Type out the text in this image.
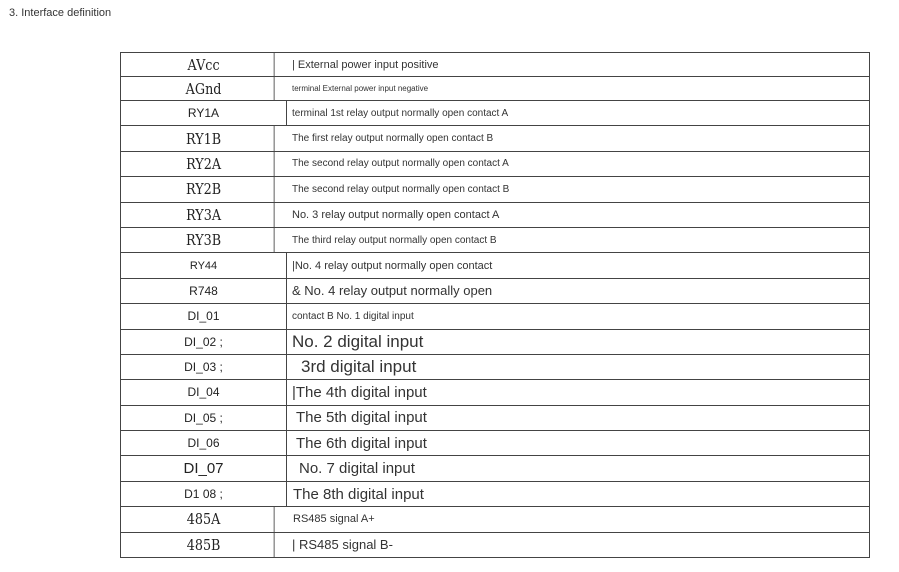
3. Interface definition
AVcc	| External power input positive
AGnd	terminal External power input negative
RY1A	terminal 1st relay output normally open contact A
RY1B	The first relay output normally open contact B
RY2A	The second relay output normally open contact A
RY2B	The second relay output normally open contact B
RY3A	No. 3 relay output normally open contact A
RY3B	The third relay output normally open contact B
RY44	|No. 4 relay output normally open contact
R748	& No. 4 relay output normally open
DI_01	contact B No. 1 digital input
DI_02 ;	No. 2 digital input
DI_03 ;	3rd digital input
DI_04	|The 4th digital input
DI_05 ;	The 5th digital input
DI_06	The 6th digital input
DI_07	No. 7 digital input
D1 08 ;	The 8th digital input
485A	RS485 signal A+
485B	| RS485 signal B-
